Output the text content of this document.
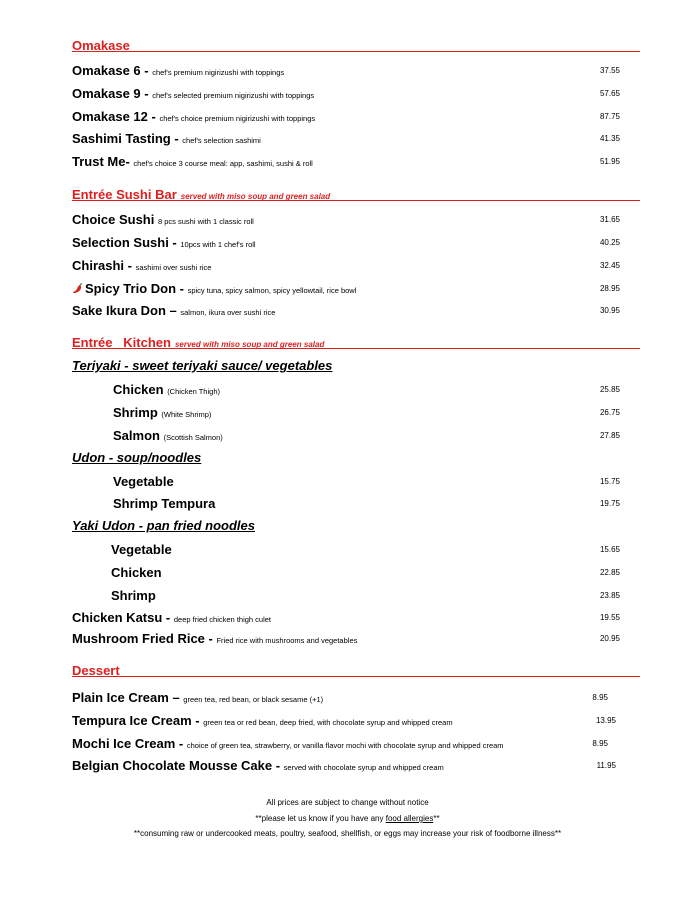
Omakase
Omakase 6 - chef's premium nigirizushi with toppings	37.55
Omakase 9 - chef's selected premium nigirizushi with toppings	57.65
Omakase 12 - chef's choice premium nigirizushi with toppings	87.75
Sashimi Tasting - chef's selection sashimi	41.35
Trust Me- chef's choice 3 course meal: app, sashimi, sushi & roll	51.95
Entrée Sushi Bar served with miso soup and green salad
Choice Sushi 8 pcs sushi with 1 classic roll	31.65
Selection Sushi - 10pcs with 1 chef's roll	40.25
Chirashi - sashimi over sushi rice	32.45
Spicy Trio Don - spicy tuna, spicy salmon, spicy yellowtail, rice bowl	28.95
Sake Ikura Don – salmon, ikura over sushi rice	30.95
Entrée   Kitchen served with miso soup and green salad
Teriyaki - sweet teriyaki sauce/ vegetables
Chicken (Chicken Thigh)	25.85
Shrimp (White Shrimp)	26.75
Salmon (Scottish Salmon)	27.85
Udon - soup/noodles
Vegetable	15.75
Shrimp Tempura	19.75
Yaki Udon - pan fried noodles
Vegetable	15.65
Chicken	22.85
Shrimp	23.85
Chicken Katsu - deep fried chicken thigh culet	19.55
Mushroom Fried Rice - Fried rice with mushrooms and vegetables	20.95
Dessert
Plain Ice Cream – green tea, red bean, or black sesame (+1)	8.95
Tempura Ice Cream - green tea or red bean, deep fried, with chocolate syrup and whipped cream	13.95
Mochi Ice Cream - choice of green tea, strawberry, or vanilla flavor mochi with chocolate syrup and whipped cream	8.95
Belgian Chocolate Mousse Cake - served with chocolate syrup and whipped cream	11.95
All prices are subject to change without notice
**please let us know if you have any food allergies**
**consuming raw or undercooked meats, poultry, seafood, shellfish, or eggs may increase your risk of foodborne illness**
